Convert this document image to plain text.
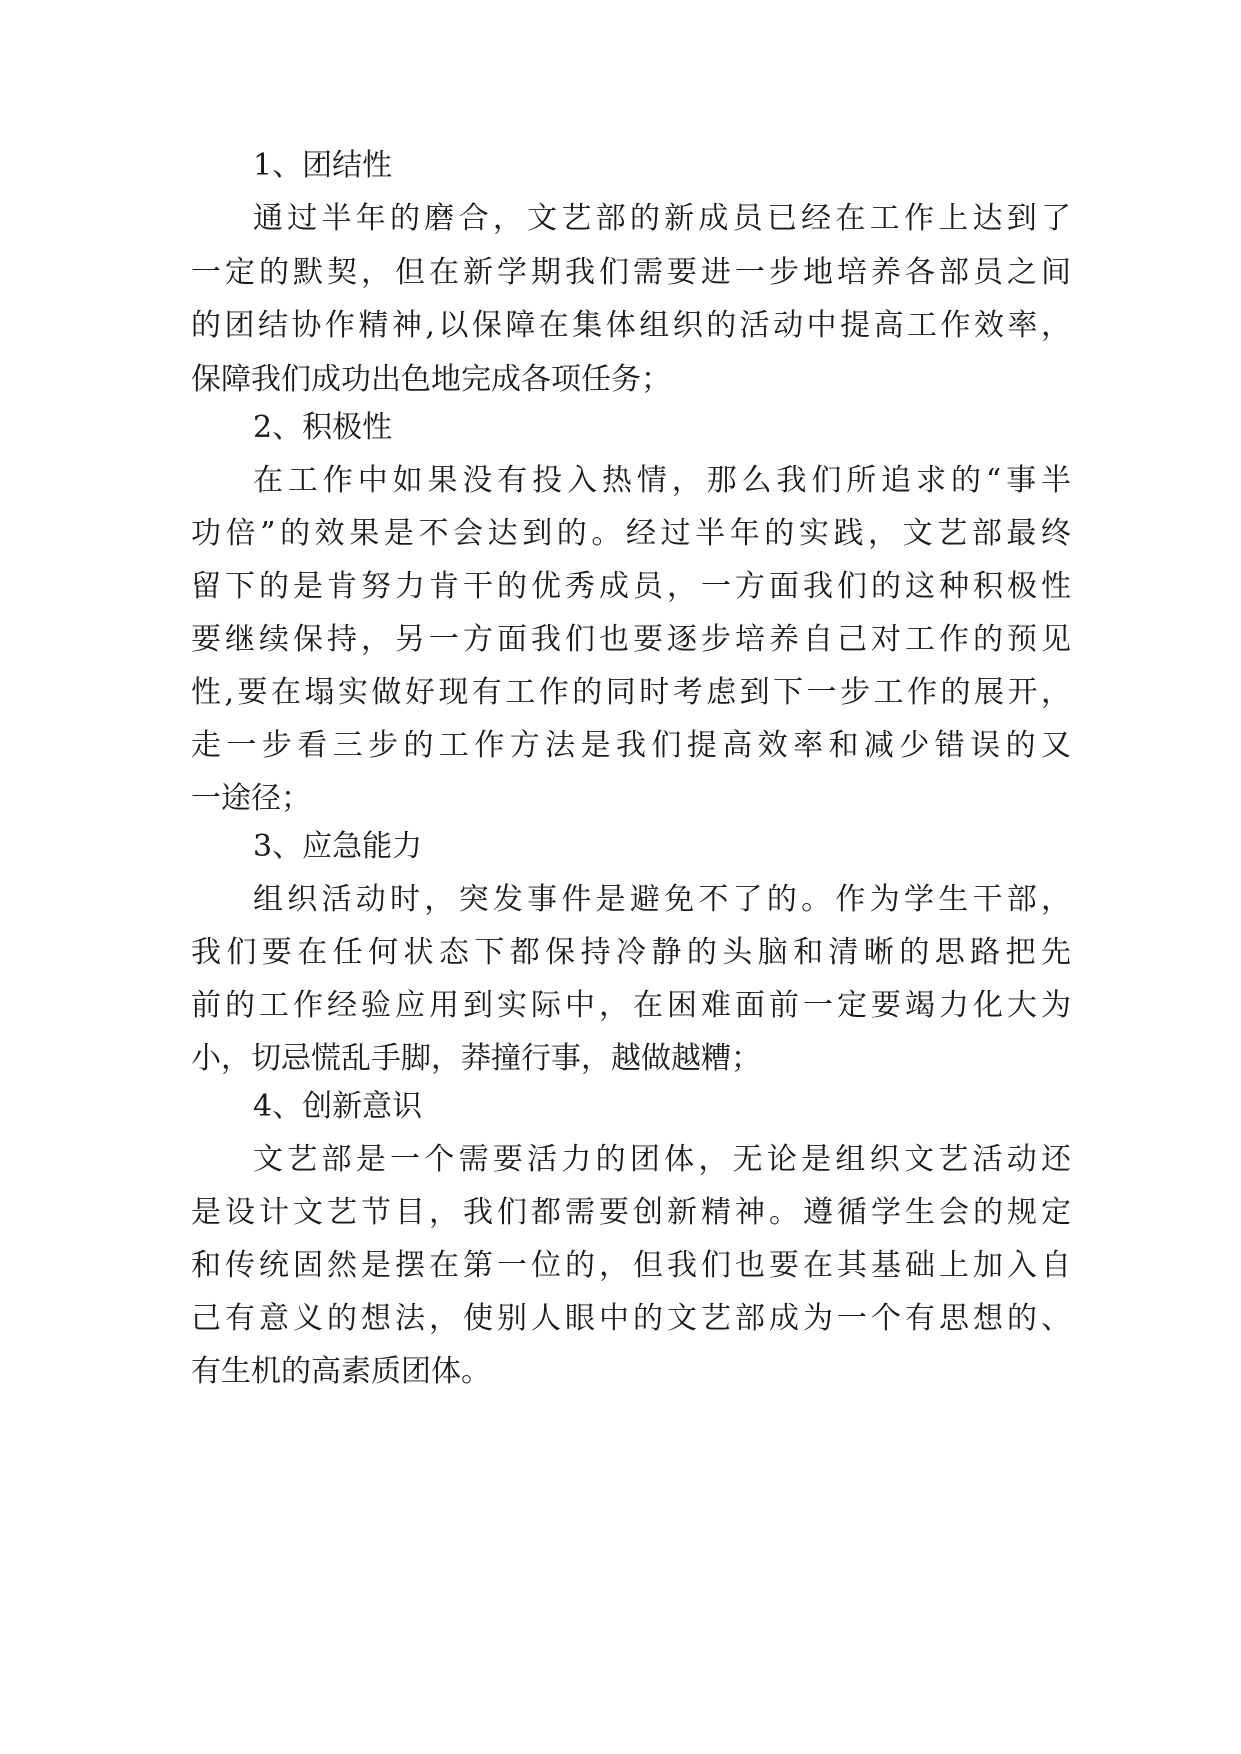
1、团结性
通过半年的磨合，文艺部的新成员已经在工作上达到了
一定的默契，但在新学期我们需要进一步地培养各部员之间
的团结协作精神,以保障在集体组织的活动中提高工作效率，
保障我们成功出色地完成各项任务；
2、积极性
在工作中如果没有投入热情，那么我们所追求的“事半
功倍”的效果是不会达到的。经过半年的实践，文艺部最终
留下的是肯努力肯干的优秀成员，一方面我们的这种积极性
要继续保持，另一方面我们也要逐步培养自己对工作的预见
性,要在塌实做好现有工作的同时考虑到下一步工作的展开，
走一步看三步的工作方法是我们提高效率和减少错误的又
一途径；
3、应急能力
组织活动时，突发事件是避免不了的。作为学生干部，
我们要在任何状态下都保持冷静的头脑和清晰的思路把先
前的工作经验应用到实际中，在困难面前一定要竭力化大为
小，切忌慌乱手脚，莽撞行事，越做越糟；
4、创新意识
文艺部是一个需要活力的团体，无论是组织文艺活动还
是设计文艺节目，我们都需要创新精神。遵循学生会的规定
和传统固然是摆在第一位的，但我们也要在其基础上加入自
己有意义的想法，使别人眼中的文艺部成为一个有思想的、
有生机的高素质团体。
